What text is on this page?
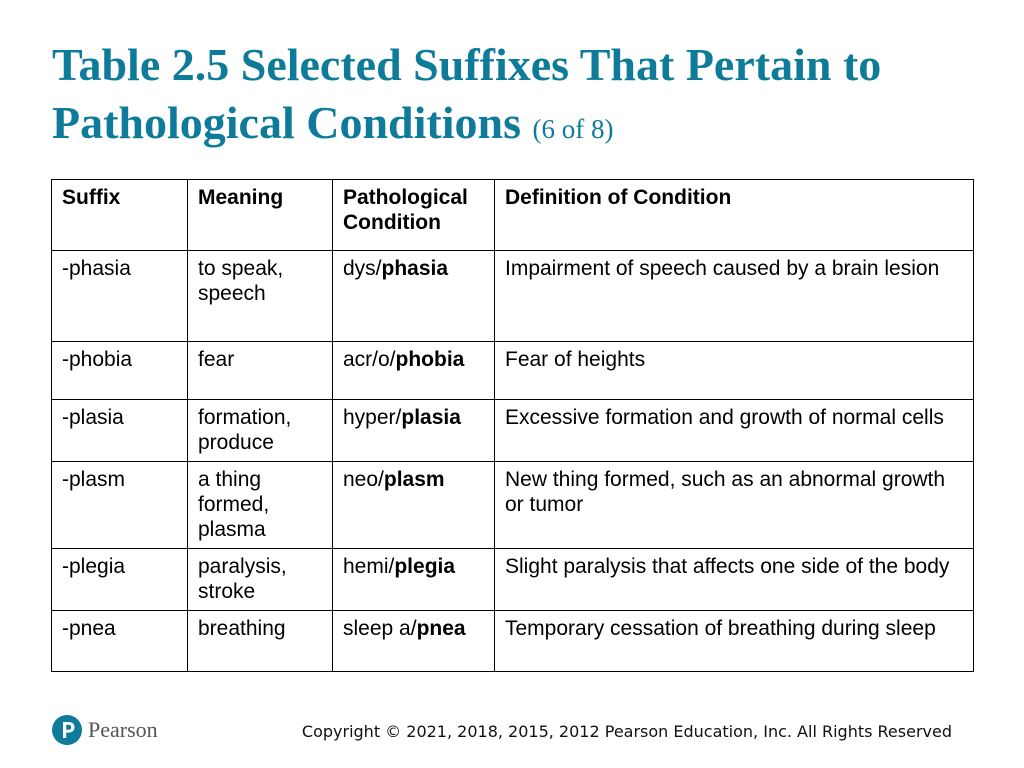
Table 2.5 Selected Suffixes That Pertain to Pathological Conditions (6 of 8)
Suffix	Meaning	Pathological Condition	Definition of Condition
-phasia	to speak, speech	dys/phasia	Impairment of speech caused by a brain lesion
-phobia	fear	acr/o/phobia	Fear of heights
-plasia	formation, produce	hyper/plasia	Excessive formation and growth of normal cells
-plasm	a thing formed, plasma	neo/plasm	New thing formed, such as an abnormal growth or tumor
-plegia	paralysis, stroke	hemi/plegia	Slight paralysis that affects one side of the body
-pnea	breathing	sleep a/pnea	Temporary cessation of breathing during sleep
Pearson	Copyright © 2021, 2018, 2015, 2012 Pearson Education, Inc. All Rights Reserved
